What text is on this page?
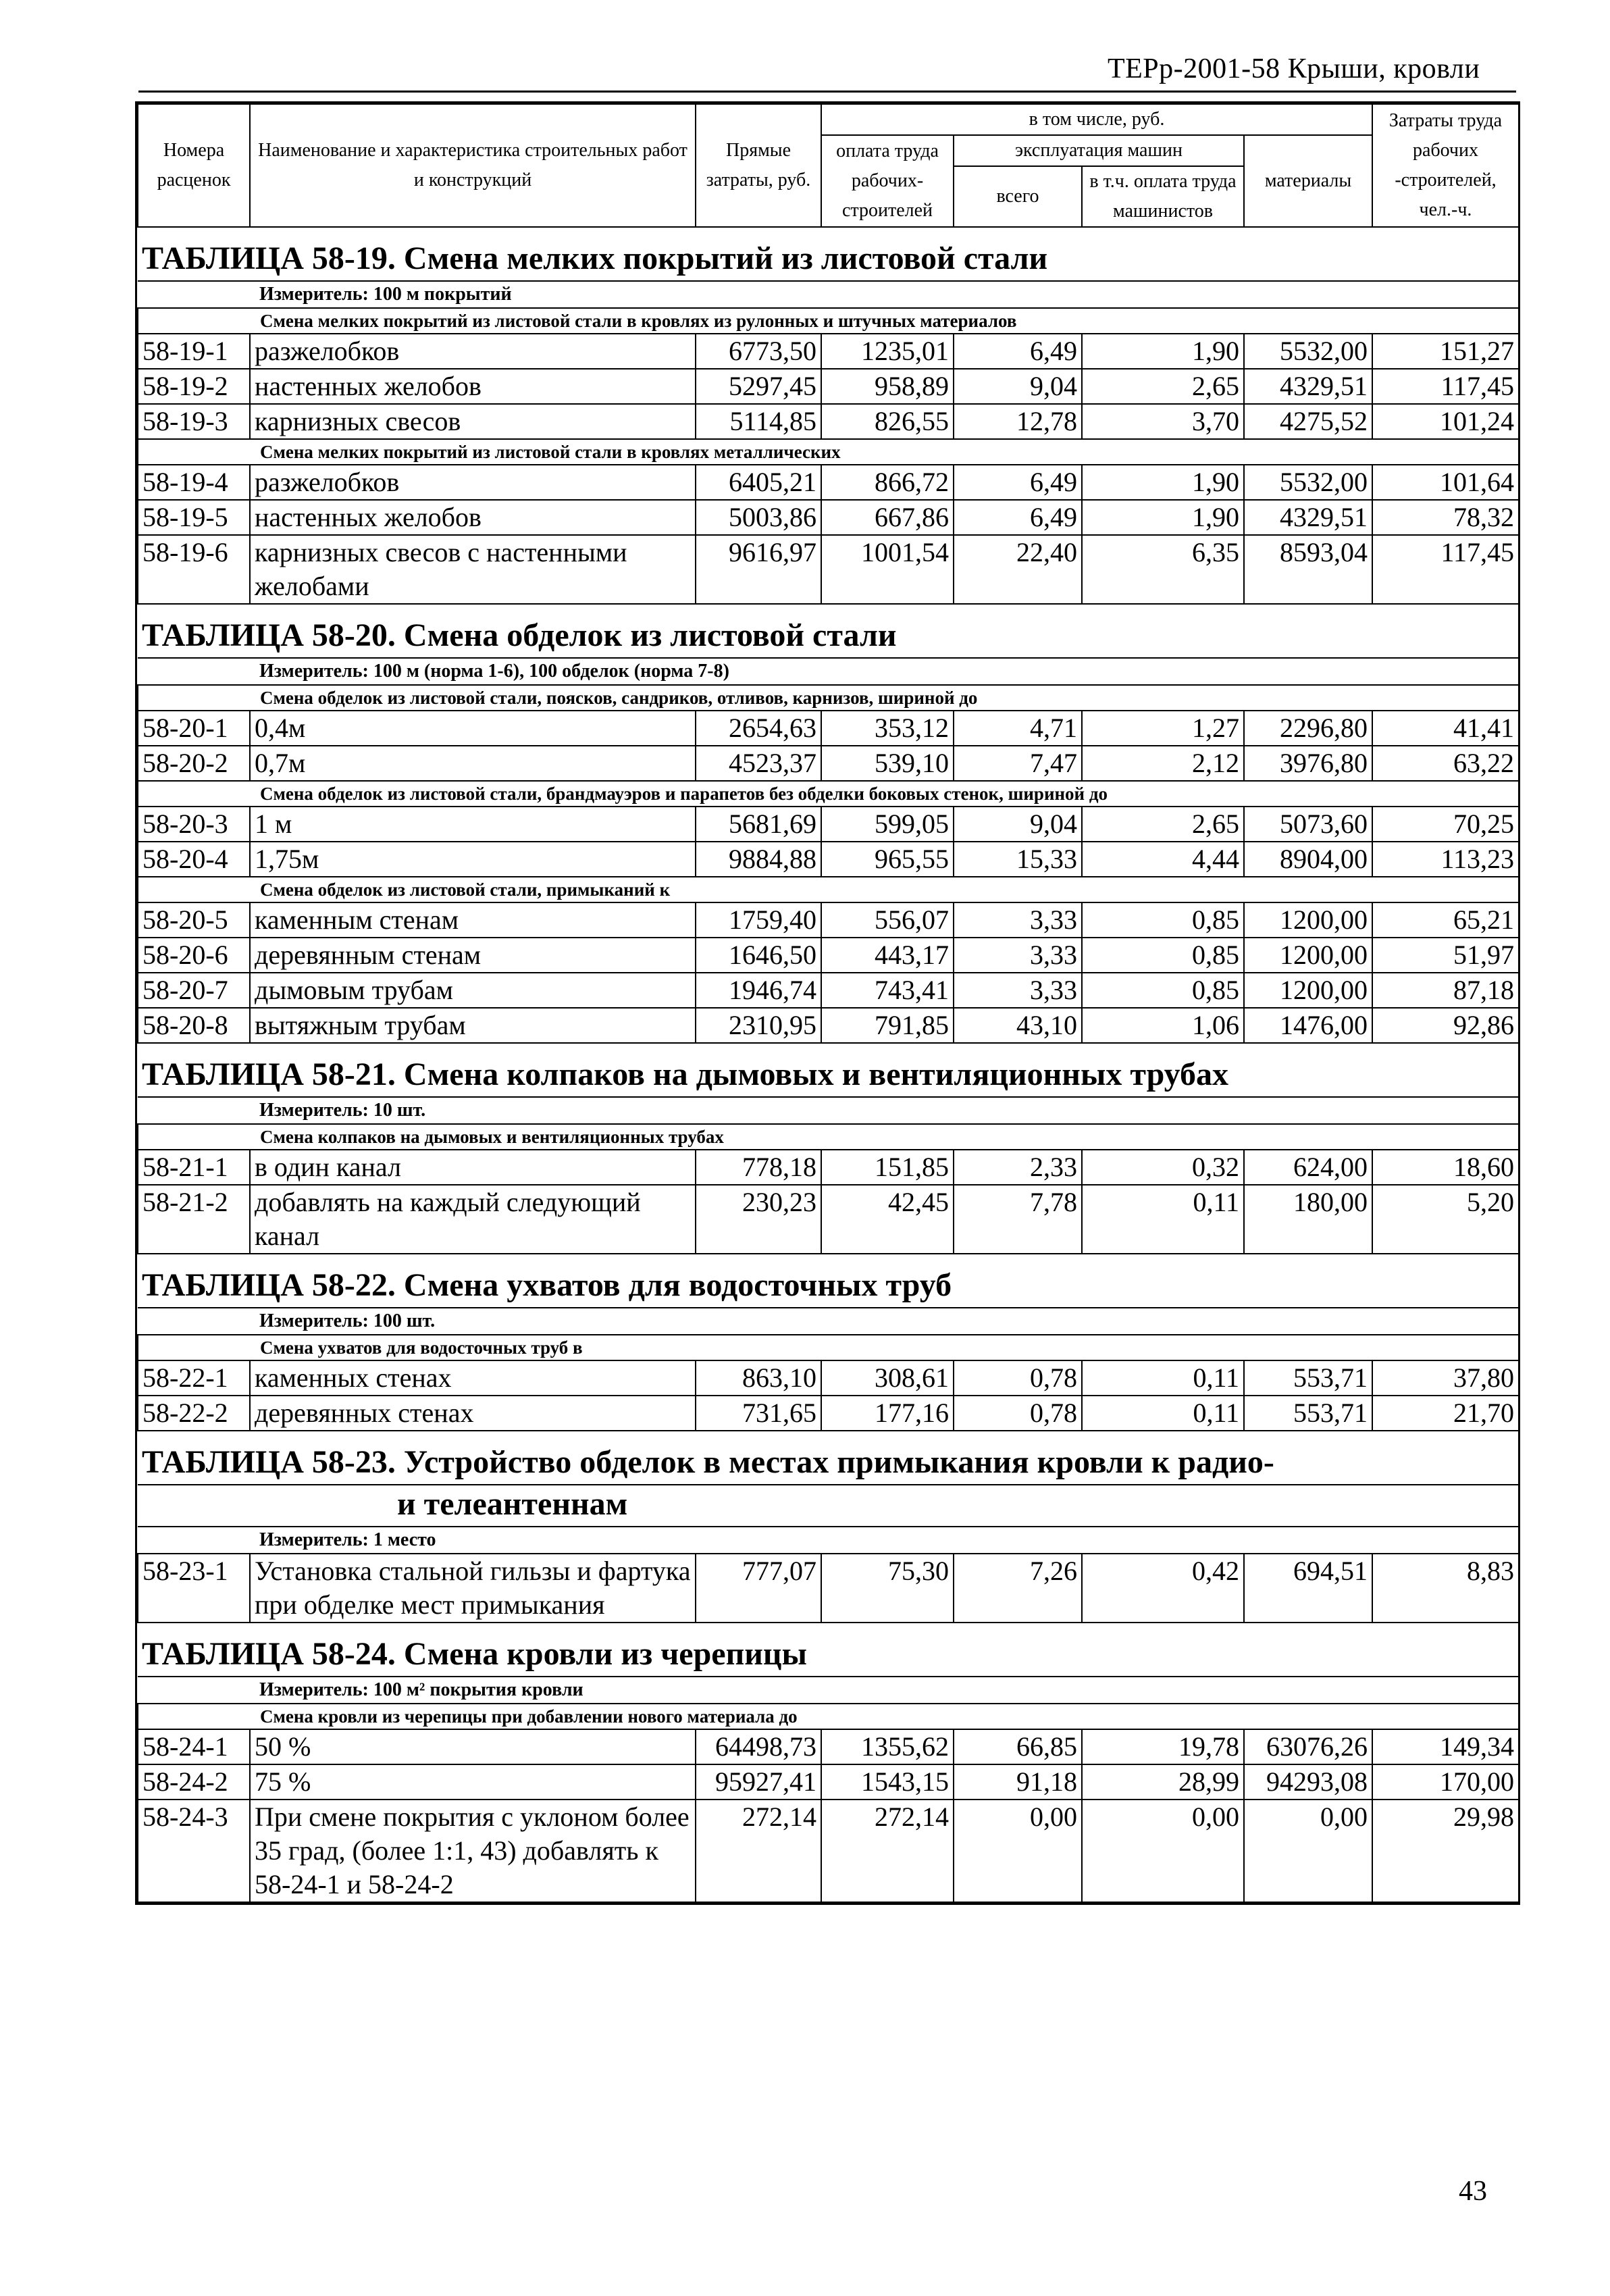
ТЕРр-2001-58 Крыши, кровли
Номера расценок	Наименование и характеристика строительных работ и конструкций	Прямые затраты, руб.	в том числе, руб.				Затраты труда рабочих -строителей, чел.-ч.
			оплата труда рабочих-строителей	эксплуатация машин		материалы	
				всего	в т.ч. оплата труда машинистов		

ТАБЛИЦА 58-19. Смена мелких покрытий из листовой стали							
Измеритель: 100 м покрытий							
Смена мелких покрытий из листовой стали в кровлях из рулонных и штучных материалов							
58-19-1	разжелобков	6773,50	1235,01	6,49	1,90	5532,00	151,27
58-19-2	настенных желобов	5297,45	958,89	9,04	2,65	4329,51	117,45
58-19-3	карнизных свесов	5114,85	826,55	12,78	3,70	4275,52	101,24
Смена мелких покрытий из листовой стали в кровлях металлических							
58-19-4	разжелобков	6405,21	866,72	6,49	1,90	5532,00	101,64
58-19-5	настенных желобов	5003,86	667,86	6,49	1,90	4329,51	78,32
58-19-6	карнизных свесов с настенными желобами	9616,97	1001,54	22,40	6,35	8593,04	117,45
ТАБЛИЦА 58-20. Смена обделок из листовой стали							
Измеритель: 100 м (норма 1-6), 100 обделок (норма 7-8)							
Смена обделок из листовой стали, поясков, сандриков, отливов, карнизов, шириной до							
58-20-1	0,4м	2654,63	353,12	4,71	1,27	2296,80	41,41
58-20-2	0,7м	4523,37	539,10	7,47	2,12	3976,80	63,22
Смена обделок из листовой стали, брандмауэров и парапетов без обделки боковых стенок, шириной до							
58-20-3	1 м	5681,69	599,05	9,04	2,65	5073,60	70,25
58-20-4	1,75м	9884,88	965,55	15,33	4,44	8904,00	113,23
Смена обделок из листовой стали, примыканий к							
58-20-5	каменным стенам	1759,40	556,07	3,33	0,85	1200,00	65,21
58-20-6	деревянным стенам	1646,50	443,17	3,33	0,85	1200,00	51,97
58-20-7	дымовым трубам	1946,74	743,41	3,33	0,85	1200,00	87,18
58-20-8	вытяжным трубам	2310,95	791,85	43,10	1,06	1476,00	92,86
ТАБЛИЦА 58-21. Смена колпаков на дымовых и вентиляционных трубах							
Измеритель: 10 шт.							
Смена колпаков на дымовых и вентиляционных трубах							
58-21-1	в один канал	778,18	151,85	2,33	0,32	624,00	18,60
58-21-2	добавлять на каждый следующий канал	230,23	42,45	7,78	0,11	180,00	5,20
ТАБЛИЦА 58-22. Смена ухватов для водосточных труб							
Измеритель: 100 шт.							
Смена ухватов для водосточных труб в							
58-22-1	каменных стенах	863,10	308,61	0,78	0,11	553,71	37,80
58-22-2	деревянных стенах	731,65	177,16	0,78	0,11	553,71	21,70
ТАБЛИЦА 58-23. Устройство обделок в местах примыкания кровли к радио-							
и телеантеннам							
Измеритель: 1 место							
58-23-1	Установка стальной гильзы и фартука при обделке мест примыкания	777,07	75,30	7,26	0,42	694,51	8,83
ТАБЛИЦА 58-24. Смена кровли из черепицы							
Измеритель: 100 м² покрытия кровли							
Смена кровли из черепицы при добавлении нового материала до							
58-24-1	50 %	64498,73	1355,62	66,85	19,78	63076,26	149,34
58-24-2	75 %	95927,41	1543,15	91,18	28,99	94293,08	170,00
58-24-3	При смене покрытия с уклоном более 35 град, (более 1:1, 43) добавлять к 58-24-1 и 58-24-2	272,14	272,14	0,00	0,00	0,00	29,98
43
